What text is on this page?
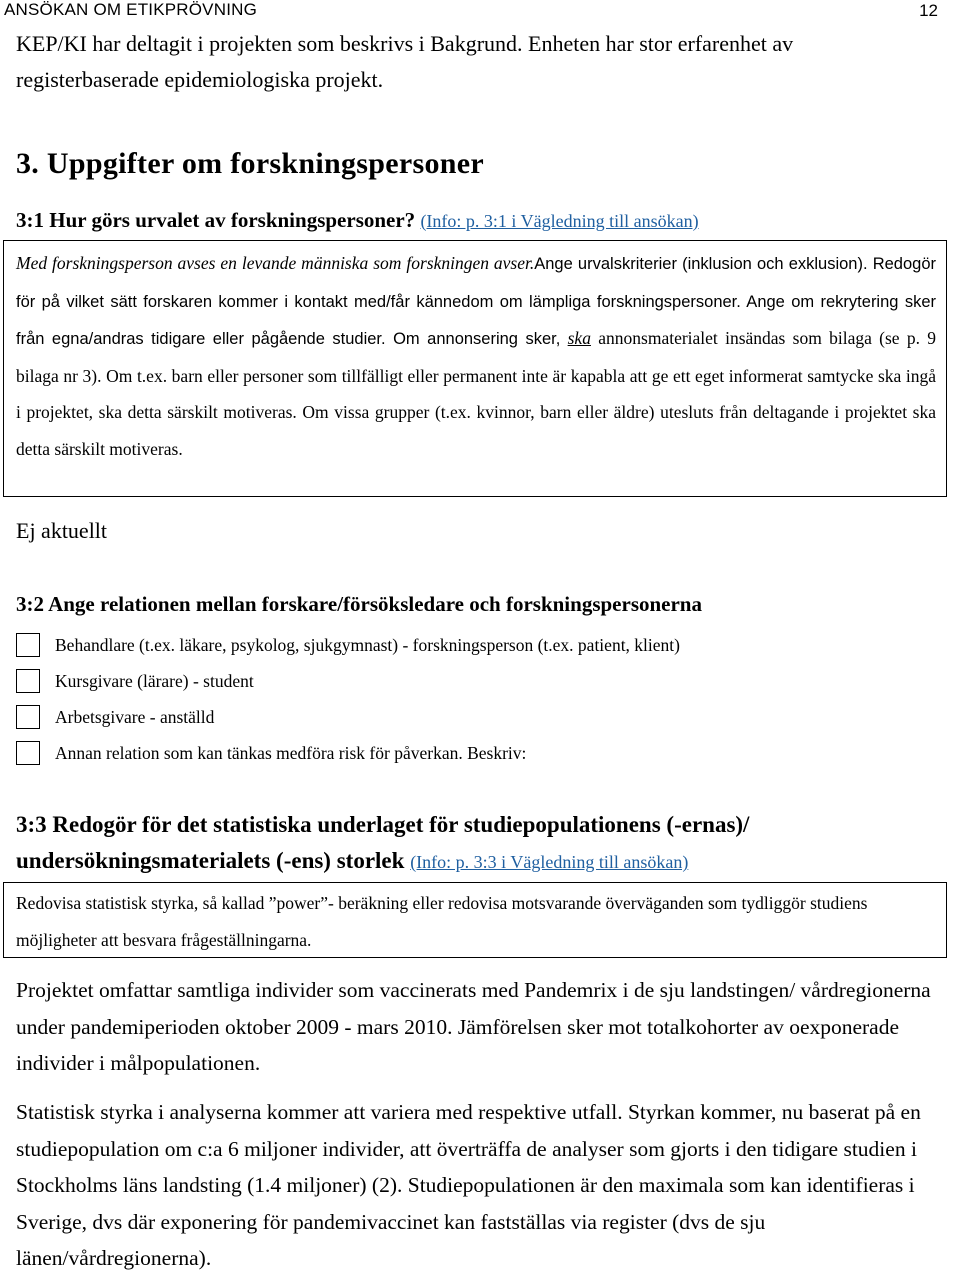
ANSÖKAN OM ETIKPRÖVNING	12
KEP/KI har deltagit i projekten som beskrivs i Bakgrund. Enheten har stor erfarenhet av registerbaserade epidemiologiska projekt.
3. Uppgifter om forskningspersoner
3:1 Hur görs urvalet av forskningspersoner? (Info: p. 3:1 i Vägledning till ansökan)
Med forskningsperson avses en levande människa som forskningen avser.Ange urvalskriterier (inklusion och exklusion). Redogör för på vilket sätt forskaren kommer i kontakt med/får kännedom om lämpliga forskningspersoner. Ange om rekrytering sker från egna/andras tidigare eller pågående studier. Om annonsering sker, ska annonsmaterialet insändas som bilaga (se p. 9 bilaga nr 3). Om t.ex. barn eller personer som tillfälligt eller permanent inte är kapabla att ge ett eget informerat samtycke ska ingå i projektet, ska detta särskilt motiveras. Om vissa grupper (t.ex. kvinnor, barn eller äldre) utesluts från deltagande i projektet ska detta särskilt motiveras.
Ej aktuellt
3:2 Ange relationen mellan forskare/försöksledare och forskningspersonerna
Behandlare (t.ex. läkare, psykolog, sjukgymnast) - forskningsperson (t.ex. patient, klient)
Kursgivare (lärare) - student
Arbetsgivare - anställd
Annan relation som kan tänkas medföra risk för påverkan. Beskriv:
3:3 Redogör för det statistiska underlaget för studiepopulationens (-ernas)/
undersökningsmaterialets (-ens) storlek (Info: p. 3:3 i Vägledning till ansökan)
Redovisa statistisk styrka, så kallad ”power”- beräkning eller redovisa motsvarande överväganden som tydliggör studiens möjligheter att besvara frågeställningarna.
Projektet omfattar samtliga individer som vaccinerats med Pandemrix i de sju landstingen/ vårdregionerna under pandemiperioden oktober 2009 - mars 2010. Jämförelsen sker mot totalkohorter av oexponerade individer i målpopulationen.
Statistisk styrka i analyserna kommer att variera med respektive utfall. Styrkan kommer, nu baserat på en studiepopulation om c:a 6 miljoner individer, att överträffa de analyser som gjorts i den tidigare studien i Stockholms läns landsting (1.4 miljoner) (2). Studiepopulationen är den maximala som kan identifieras i Sverige, dvs där exponering för pandemivaccinet kan fastställas via register (dvs de sju länen/vårdregionerna).
